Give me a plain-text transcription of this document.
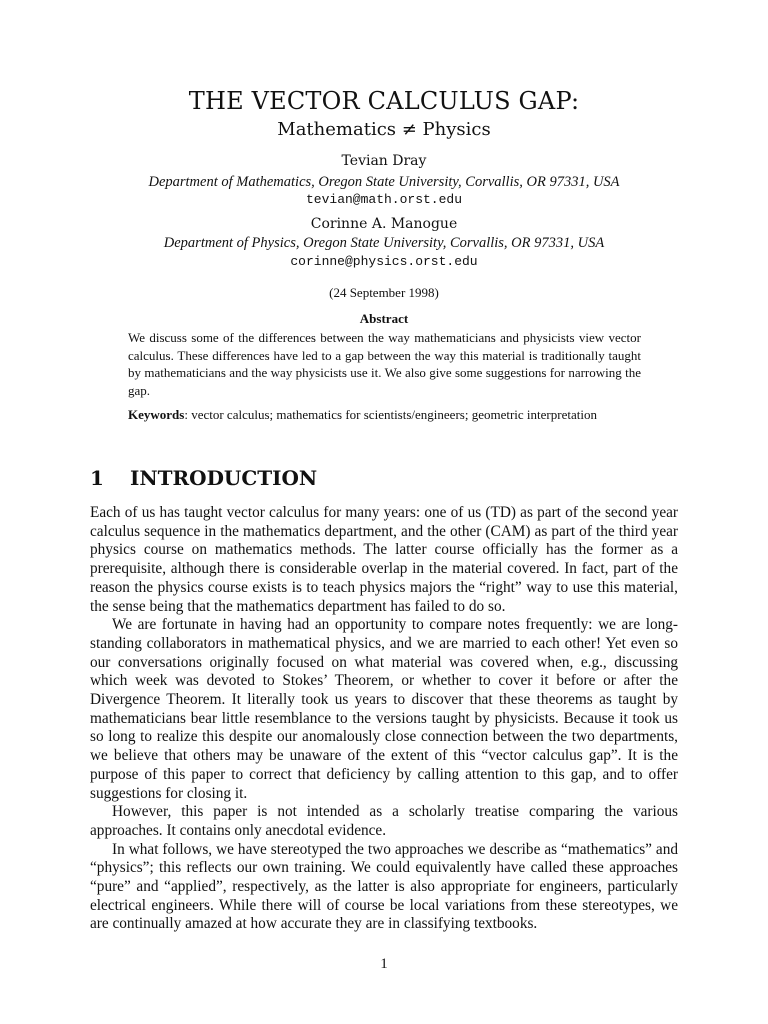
THE VECTOR CALCULUS GAP:
Mathematics ≠ Physics
Tevian Dray
Department of Mathematics, Oregon State University, Corvallis, OR 97331, USA
tevian@math.orst.edu
Corinne A. Manogue
Department of Physics, Oregon State University, Corvallis, OR 97331, USA
corinne@physics.orst.edu
(24 September 1998)
Abstract
We discuss some of the differences between the way mathematicians and physicists view vector calculus. These differences have led to a gap between the way this material is traditionally taught by mathematicians and the way physicists use it. We also give some suggestions for narrowing the gap.
Keywords: vector calculus; mathematics for scientists/engineers; geometric interpretation
1 INTRODUCTION

Each of us has taught vector calculus for many years: one of us (TD) as part of the second year calculus sequence in the mathematics department, and the other (CAM) as part of the third year physics course on mathematics methods. The latter course officially has the former as a prerequisite, although there is considerable overlap in the material covered. In fact, part of the reason the physics course exists is to teach physics majors the “right” way to use this material, the sense being that the mathematics department has failed to do so.

We are fortunate in having had an opportunity to compare notes frequently: we are long-standing collaborators in mathematical physics, and we are married to each other! Yet even so our conversations originally focused on what material was covered when, e.g., discussing which week was devoted to Stokes’ Theorem, or whether to cover it before or after the Divergence Theorem. It literally took us years to discover that these theorems as taught by mathematicians bear little resemblance to the versions taught by physicists. Because it took us so long to realize this despite our anomalously close connection between the two departments, we believe that others may be unaware of the extent of this “vector calculus gap”. It is the purpose of this paper to correct that deficiency by calling attention to this gap, and to offer suggestions for closing it.

However, this paper is not intended as a scholarly treatise comparing the various approaches. It contains only anecdotal evidence.

In what follows, we have stereotyped the two approaches we describe as “mathematics” and “physics”; this reflects our own training. We could equivalently have called these approaches “pure” and “applied”, respectively, as the latter is also appropriate for engineers, particularly electrical engineers. While there will of course be local variations from these stereotypes, we are continually amazed at how accurate they are in classifying textbooks.

1
